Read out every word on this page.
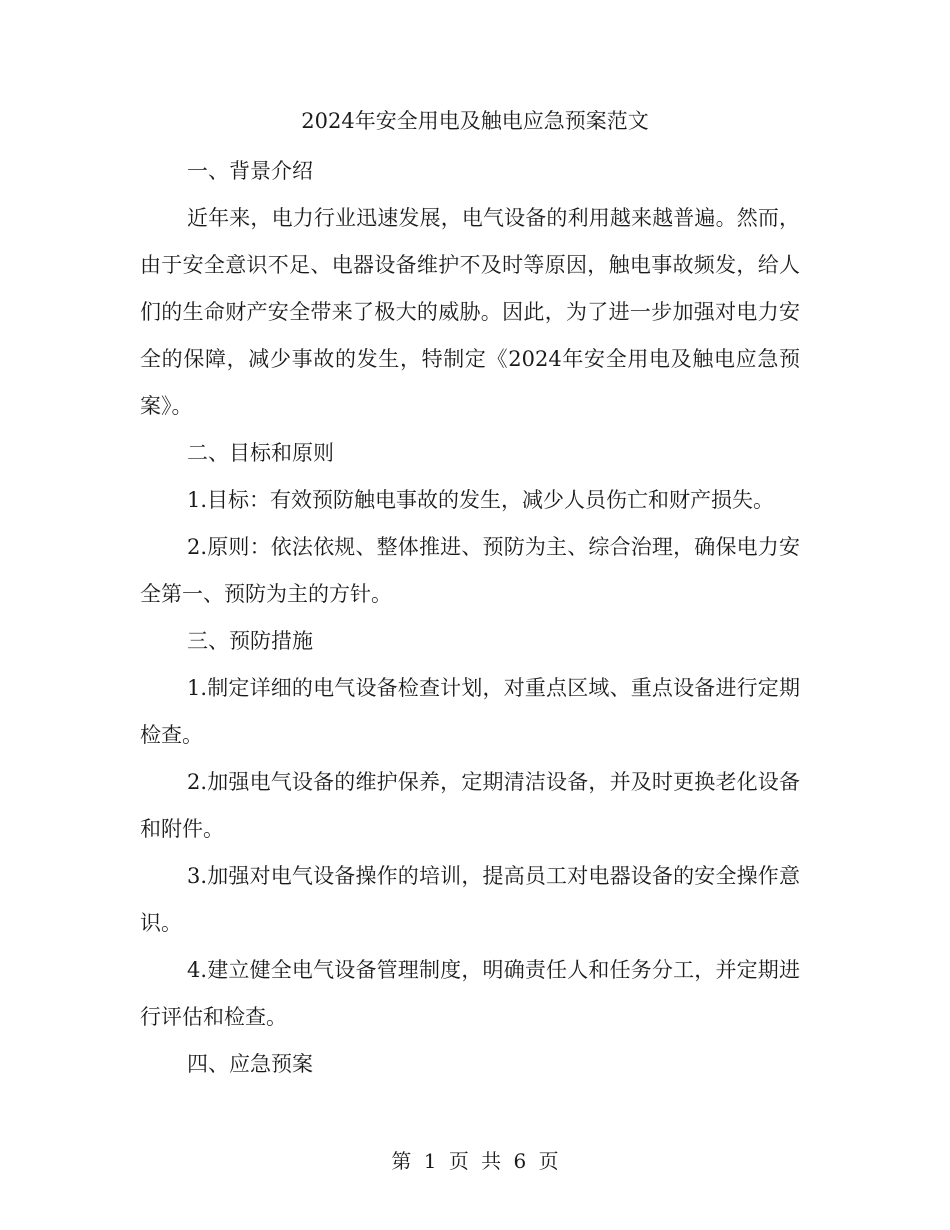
2024年安全用电及触电应急预案范文

一、背景介绍

近年来，电力行业迅速发展，电气设备的利用越来越普遍。然而，由于安全意识不足、电器设备维护不及时等原因，触电事故频发，给人们的生命财产安全带来了极大的威胁。因此，为了进一步加强对电力安全的保障，减少事故的发生，特制定《2024年安全用电及触电应急预案》。

二、目标和原则

1.目标：有效预防触电事故的发生，减少人员伤亡和财产损失。

2.原则：依法依规、整体推进、预防为主、综合治理，确保电力安全第一、预防为主的方针。

三、预防措施

1.制定详细的电气设备检查计划，对重点区域、重点设备进行定期检查。

2.加强电气设备的维护保养，定期清洁设备，并及时更换老化设备和附件。

3.加强对电气设备操作的培训，提高员工对电器设备的安全操作意识。

4.建立健全电气设备管理制度，明确责任人和任务分工，并定期进行评估和检查。

四、应急预案

第 1 页 共 6 页
